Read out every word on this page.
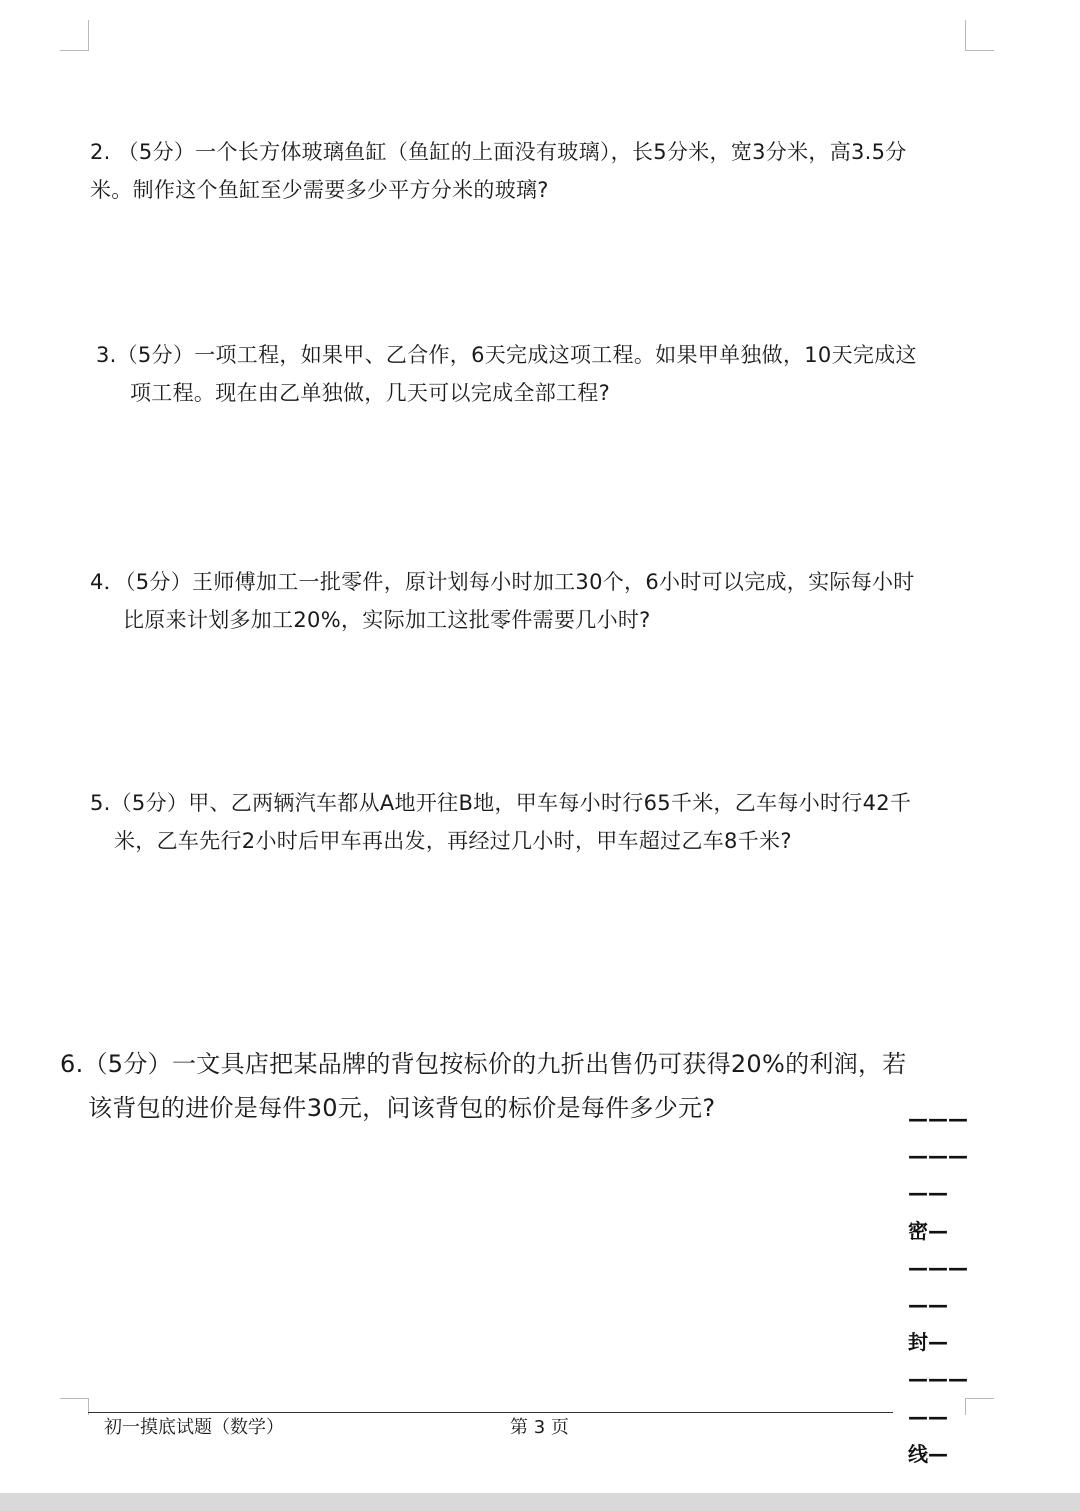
2. （5分）一个长方体玻璃鱼缸（鱼缸的上面没有玻璃），长5分米，宽3分米，高3.5分
米。制作这个鱼缸至少需要多少平方分米的玻璃?
3.（5分）一项工程，如果甲、乙合作，6天完成这项工程。如果甲单独做，10天完成这
项工程。现在由乙单独做，几天可以完成全部工程?
4．（5分）王师傅加工一批零件，原计划每小时加工30个，6小时可以完成，实际每小时
比原来计划多加工20%，实际加工这批零件需要几小时?
5.（5分）甲、乙两辆汽车都从A地开往B地，甲车每小时行65千米，乙车每小时行42千
米，乙车先行2小时后甲车再出发，再经过几小时，甲车超过乙车8千米?
6.（5分）一文具店把某品牌的背包按标价的九折出售仍可获得20%的利润，若
该背包的进价是每件30元，问该背包的标价是每件多少元?	———
———
——
密—
———
——
封—
———
——
线—
初一摸底试题（数学）	第 3 页
